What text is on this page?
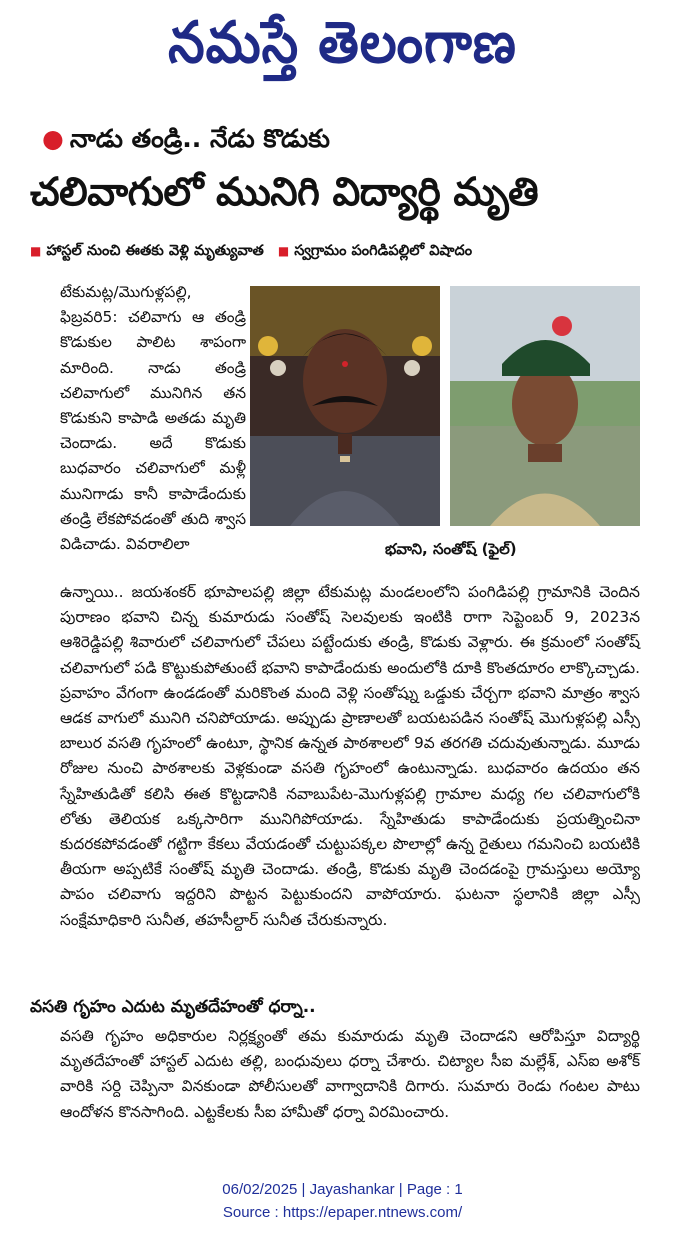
నమస్తే తెలంగాణ
● నాడు తండ్రి.. నేడు కొడుకు
చలివాగులో మునిగి విద్యార్థి మృతి
■ హాస్టల్ నుంచి ఈతకు వెళ్లి మృత్యువాత ■ స్వగ్రామం పంగిడిపల్లిలో విషాదం

టేకుమట్ల/మొగుళ్లపల్లి, ఫిబ్రవరి5: చలివాగు ఆ తండ్రి కొడుకుల పాలిట శాపంగా మారింది. నాడు తండ్రి చలివాగులో మునిగిన తన కొడుకుని కాపాడి అతడు మృతి చెందాడు. అదే కొడుకు బుధవారం చలివాగులో మళ్లీ మునిగాడు కానీ కాపాడేందుకు తండ్రి లేకపోవడంతో తుది శ్వాస విడిచాడు. వివరాలిలా	భవాని, సంతోష్ (ఫైల్)

ఉన్నాయి.. జయశంకర్ భూపాలపల్లి జిల్లా టేకుమట్ల మండలంలోని పంగిడిపల్లి గ్రామానికి చెందిన పురాణం భవాని చిన్న కుమారుడు సంతోష్ సెలవులకు ఇంటికి రాగా సెప్టెంబర్ 9, 2023న ఆశిరెడ్డిపల్లి శివారులో చలివాగులో చేపలు పట్టేందుకు తండ్రి, కొడుకు వెళ్లారు. ఈ క్రమంలో సంతోష్ చలివాగులో పడి కొట్టుకుపోతుంటే భవాని కాపాడేందుకు అందులోకి దూకి కొంతదూరం లాక్కొచ్చాడు. ప్రవాహం వేగంగా ఉండడంతో మరికొంత మంది వెళ్లి సంతోష్ను ఒడ్డుకు చేర్చగా భవాని మాత్రం శ్వాస ఆడక వాగులో మునిగి చనిపోయాడు. అప్పుడు ప్రాణాలతో బయటపడిన సంతోష్ మొగుళ్లపల్లి ఎస్సీ బాలుర వసతి గృహంలో ఉంటూ, స్థానిక ఉన్నత పాఠశాలలో 9వ తరగతి చదువుతున్నాడు. మూడు రోజుల నుంచి పాఠశాలకు వెళ్లకుండా వసతి గృహంలో ఉంటున్నాడు. బుధవారం ఉదయం తన స్నేహితుడితో కలిసి ఈత కొట్టడానికి నవాబుపేట-మొగుళ్లపల్లి గ్రామాల మధ్య గల చలివాగులోకి లోతు తెలియక ఒక్కసారిగా మునిగిపోయాడు. స్నేహితుడు కాపాడేందుకు ప్రయత్నించినా కుదరకపోవడంతో గట్టిగా కేకలు వేయడంతో చుట్టుపక్కల పొలాల్లో ఉన్న రైతులు గమనించి బయటికి తీయగా అప్పటికే సంతోష్ మృతి చెందాడు. తండ్రి, కొడుకు మృతి చెందడంపై గ్రామస్తులు అయ్యో పాపం చలివాగు ఇద్దరిని పొట్టన పెట్టుకుందని వాపోయారు. ఘటనా స్థలానికి జిల్లా ఎస్సీ సంక్షేమాధికారి సునీత, తహసీల్దార్ సునీత చేరుకున్నారు.

వసతి గృహం ఎదుట మృతదేహంతో ధర్నా..

వసతి గృహం అధికారుల నిర్లక్ష్యంతో తమ కుమారుడు మృతి చెందాడని ఆరోపిస్తూ విద్యార్థి మృతదేహంతో హాస్టల్ ఎదుట తల్లి, బంధువులు ధర్నా చేశారు. చిట్యాల సీఐ మల్లేశ్, ఎస్ఐ అశోక్ వారికి సర్ది చెప్పినా వినకుండా పోలీసులతో వాగ్వాదానికి దిగారు. సుమారు రెండు గంటల పాటు ఆందోళన కొనసాగింది. ఎట్టకేలకు సీఐ హామీతో ధర్నా విరమించారు.

06/02/2025 | Jayashankar | Page : 1
Source : https://epaper.ntnews.com/
